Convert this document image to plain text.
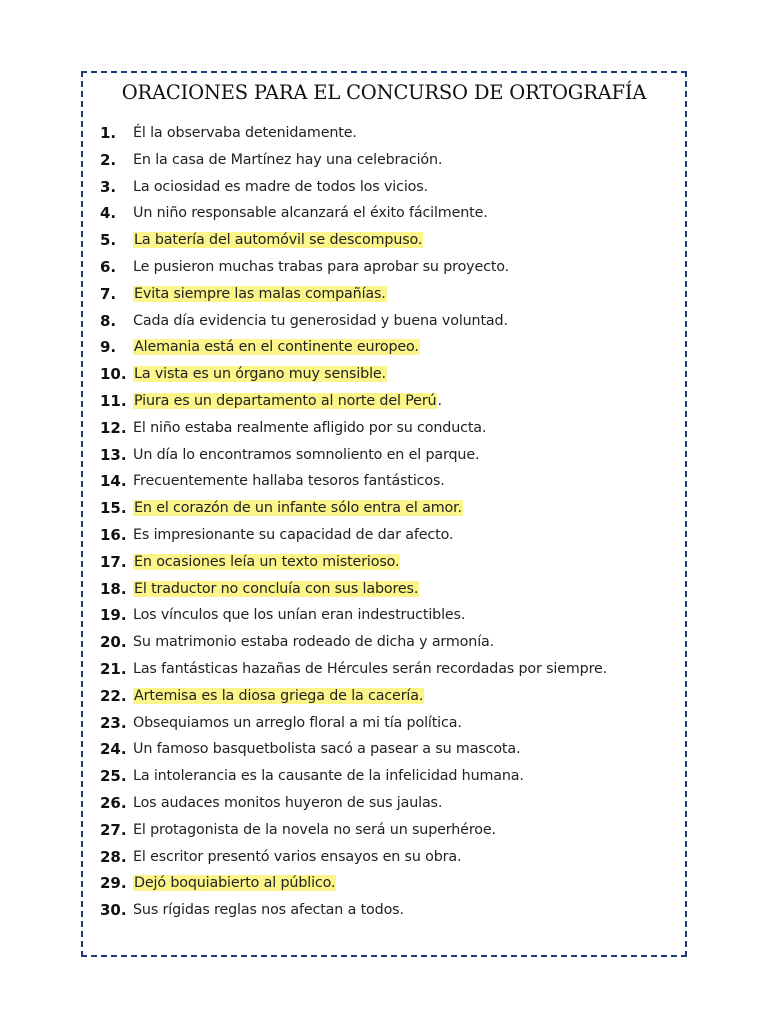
ORACIONES PARA EL CONCURSO DE ORTOGRAFÍA
1. Él la observaba detenidamente.
2. En la casa de Martínez hay una celebración.
3. La ociosidad es madre de todos los vicios.
4. Un niño responsable alcanzará el éxito fácilmente.
5. La batería del automóvil se descompuso.
6. Le pusieron muchas trabas para aprobar su proyecto.
7. Evita siempre las malas compañías.
8. Cada día evidencia tu generosidad y buena voluntad.
9. Alemania está en el continente europeo.
10. La vista es un órgano muy sensible.
11. Piura es un departamento al norte del Perú.
12. El niño estaba realmente afligido por su conducta.
13. Un día lo encontramos somnoliento en el parque.
14. Frecuentemente hallaba tesoros fantásticos.
15. En el corazón de un infante sólo entra el amor.
16. Es impresionante su capacidad de dar afecto.
17. En ocasiones leía un texto misterioso.
18. El traductor no concluía con sus labores.
19. Los vínculos que los unían eran indestructibles.
20. Su matrimonio estaba rodeado de dicha y armonía.
21. Las fantásticas hazañas de Hércules serán recordadas por siempre.
22. Artemisa es la diosa griega de la cacería.
23. Obsequiamos un arreglo floral a mi tía política.
24. Un famoso basquetbolista sacó a pasear a su mascota.
25. La intolerancia es la causante de la infelicidad humana.
26. Los audaces monitos huyeron de sus jaulas.
27. El protagonista de la novela no será un superhéroe.
28. El escritor presentó varios ensayos en su obra.
29. Dejó boquiabierto al público.
30. Sus rígidas reglas nos afectan a todos.
